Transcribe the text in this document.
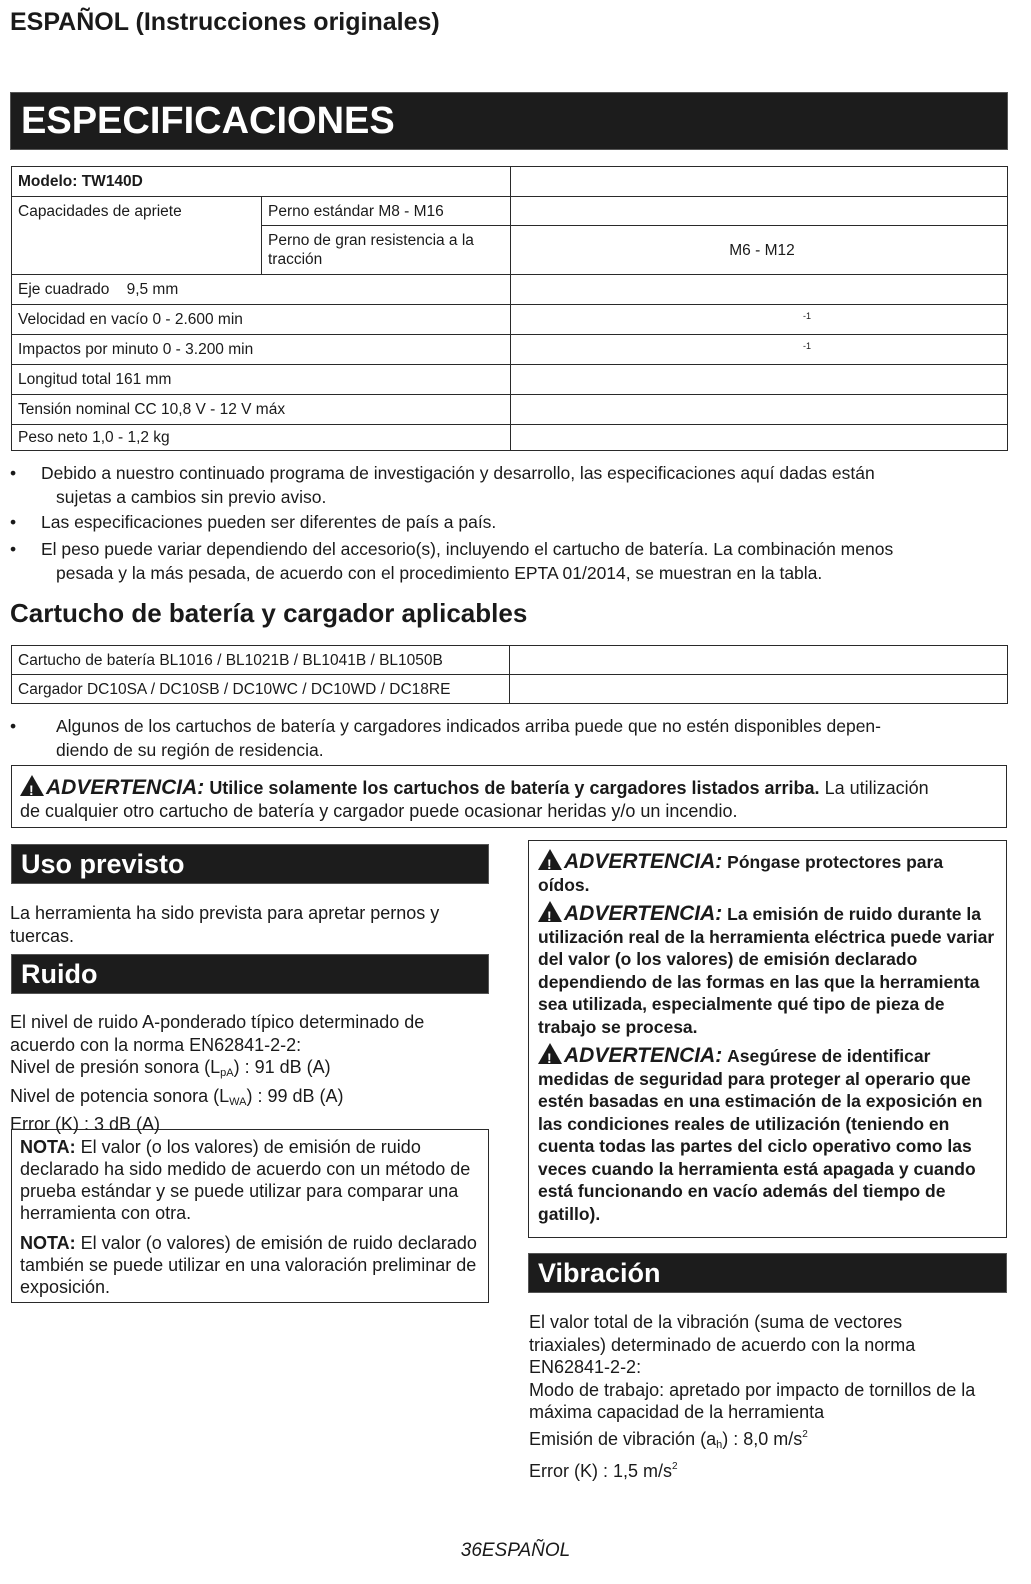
ESPAÑOL (Instrucciones originales)
ESPECIFICACIONES
Modelo: TW140D		
Capacidades de apriete	Perno estándar M8 - M16	
	Perno de gran resistencia a la tracción	M6 - M12
Eje cuadrado 9,5 mm		
Velocidad en vacío 0 - 2.600 min		-1
Impactos por minuto 0 - 3.200 min		-1
Longitud total 161 mm		
Tensión nominal CC 10,8 V - 12 V máx		
Peso neto 1,0 - 1,2 kg		
• Debido a nuestro continuado programa de investigación y desarrollo, las especificaciones aquí dadas están
sujetas a cambios sin previo aviso.
• Las especificaciones pueden ser diferentes de país a país.
• El peso puede variar dependiendo del accesorio(s), incluyendo el cartucho de batería. La combinación menos
pesada y la más pesada, de acuerdo con el procedimiento EPTA 01/2014, se muestran en la tabla.
Cartucho de batería y cargador aplicables
Cartucho de batería BL1016 / BL1021B / BL1041B / BL1050B	
Cargador DC10SA / DC10SB / DC10WC / DC10WD / DC18RE	
• Algunos de los cartuchos de batería y cargadores indicados arriba puede que no estén disponibles depen-
diendo de su región de residencia.
!ADVERTENCIA: Utilice solamente los cartuchos de batería y cargadores listados arriba. La utilización
de cualquier otro cartucho de batería y cargador puede ocasionar heridas y/o un incendio.
Uso previsto
La herramienta ha sido prevista para apretar pernos y
tuercas.
Ruido
El nivel de ruido A-ponderado típico determinado de
acuerdo con la norma EN62841-2-2:
Nivel de presión sonora $(L_{pA})$ : 91 dB (A)
Nivel de potencia sonora $(L_{WA})$ : 99 dB (A)
Error (K) : 3 dB (A)

NOTA: El valor (o los valores) de emisión de ruido declarado ha sido medido de acuerdo con un método de prueba estándar y se puede utilizar para comparar una herramienta con otra.

NOTA: El valor (o valores) de emisión de ruido declarado también se puede utilizar en una valoración preliminar de exposición.

!ADVERTENCIA: Póngase protectores para oídos.

!ADVERTENCIA: La emisión de ruido durante la utilización real de la herramienta eléctrica puede variar del valor (o los valores) de emisión declarado dependiendo de las formas en las que la herramienta sea utilizada, especialmente qué tipo de pieza de trabajo se procesa.

!ADVERTENCIA: Asegúrese de identificar medidas de seguridad para proteger al operario que estén basadas en una estimación de la exposición en las condiciones reales de utilización (teniendo en cuenta todas las partes del ciclo operativo como las veces cuando la herramienta está apagada y cuando está funcionando en vacío además del tiempo de gatillo).

Vibración
El valor total de la vibración (suma de vectores
triaxiales) determinado de acuerdo con la norma
EN62841-2-2:
Modo de trabajo: apretado por impacto de tornillos de la
máxima capacidad de la herramienta
Emisión de vibración $(a_h)$ : 8,0 $m/s^2$
Error (K) : 1,5 $m/s^2$
36ESPAÑOL
